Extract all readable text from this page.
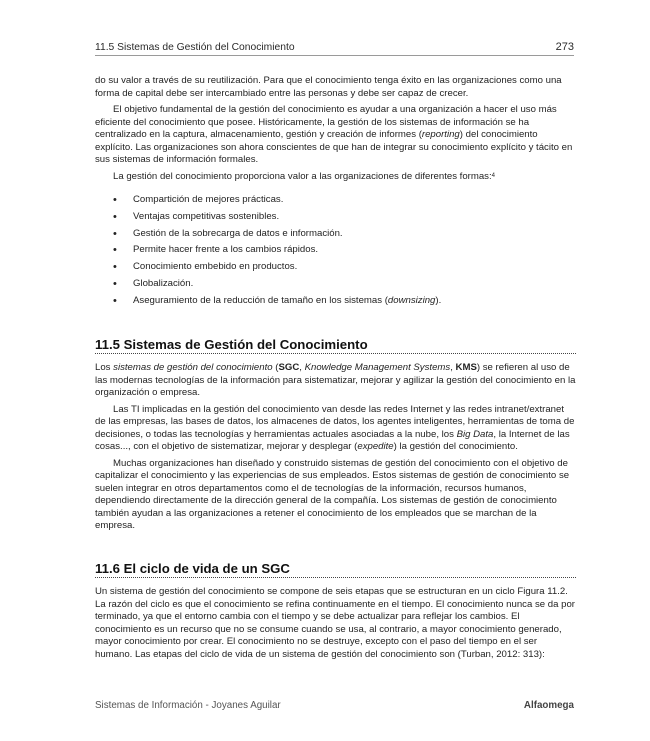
11.5 Sistemas de Gestión del Conocimiento	273

do su valor a través de su reutilización. Para que el conocimiento tenga éxito en las organizaciones como una forma de capital debe ser intercambiado entre las personas y debe ser capaz de crecer.

El objetivo fundamental de la gestión del conocimiento es ayudar a una organización a hacer el uso más eficiente del conocimiento que posee. Históricamente, la gestión de los sistemas de información se ha centralizado en la captura, almacenamiento, gestión y creación de informes (reporting) del conocimiento explícito. Las organizaciones son ahora conscientes de que han de integrar su conocimiento explícito y tácito en sus sistemas de información formales.

La gestión del conocimiento proporciona valor a las organizaciones de diferentes formas:$^4$

• Compartición de mejores prácticas.
• Ventajas competitivas sostenibles.
• Gestión de la sobrecarga de datos e información.
• Permite hacer frente a los cambios rápidos.
• Conocimiento embebido en productos.
• Globalización.
• Aseguramiento de la reducción de tamaño en los sistemas (downsizing).
11.5 Sistemas de Gestión del Conocimiento

Los sistemas de gestión del conocimiento (SGC, Knowledge Management Systems, KMS) se refieren al uso de las modernas tecnologías de la información para sistematizar, mejorar y agilizar la gestión del conocimiento en la organización o empresa.

Las TI implicadas en la gestión del conocimiento van desde las redes Internet y las redes intranet/extranet de las empresas, las bases de datos, los almacenes de datos, los agentes inteligentes, herramientas de toma de decisiones, o todas las tecnologías y herramientas actuales asociadas a la nube, los Big Data, la Internet de las cosas..., con el objetivo de sistematizar, mejorar y desplegar (expedite) la gestión del conocimiento.

Muchas organizaciones han diseñado y construido sistemas de gestión del conocimiento con el objetivo de capitalizar el conocimiento y las experiencias de sus empleados. Estos sistemas de gestión de conocimiento se suelen integrar en otros departamentos como el de tecnologías de la información, recursos humanos, dependiendo directamente de la dirección general de la compañía. Los sistemas de gestión de conocimiento también ayudan a las organizaciones a retener el conocimiento de los empleados que se marchan de la empresa.

11.6 El ciclo de vida de un SGC

Un sistema de gestión del conocimiento se compone de seis etapas que se estructuran en un ciclo Figura 11.2. La razón del ciclo es que el conocimiento se refina continuamente en el tiempo. El conocimiento nunca se da por terminado, ya que el entorno cambia con el tiempo y se debe actualizar para reflejar los cambios. El conocimiento es un recurso que no se consume cuando se usa, al contrario, a mayor conocimiento generado, mayor conocimiento por crear. El conocimiento no se destruye, excepto con el paso del tiempo en el ser humano. Las etapas del ciclo de vida de un sistema de gestión del conocimiento son (Turban, 2012: 313):

Sistemas de Información - Joyanes Aguilar	Alfaomega
